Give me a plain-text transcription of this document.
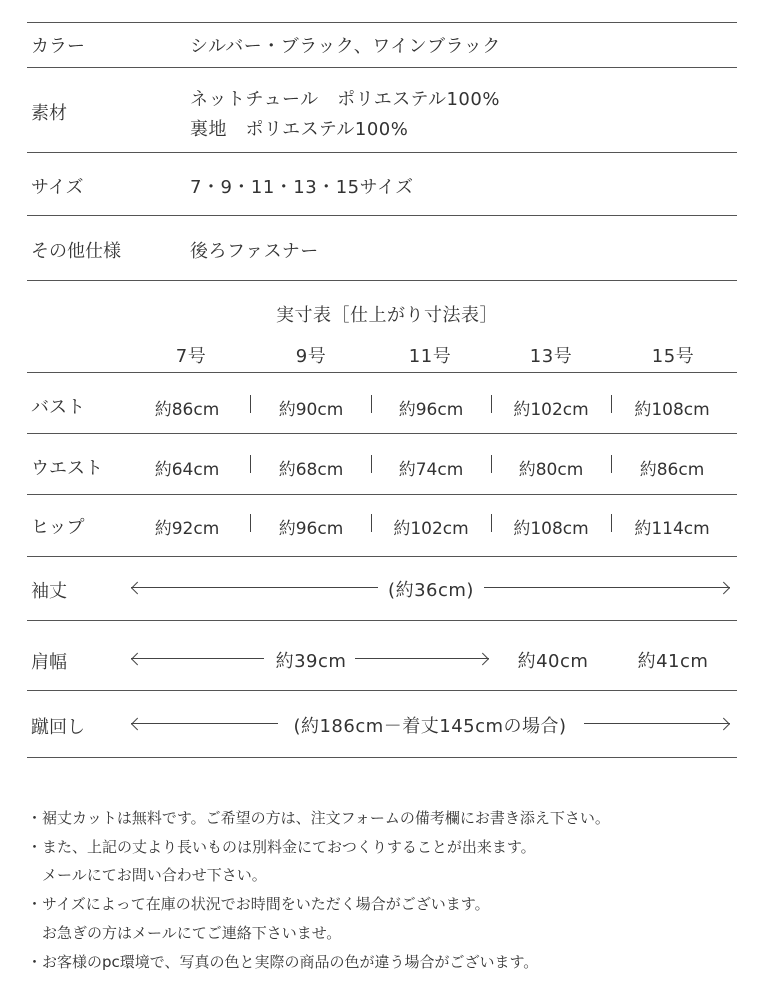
カラー	シルバー・ブラック、ワインブラック
素材
ネットチュール　ポリエステル100%
裏地　ポリエステル100%
サイズ	7・9・11・13・15サイズ
その他仕様	後ろファスナー
実寸表［仕上がり寸法表］
7号	9号	11号	13号	15号
バスト	約86cm	約90cm	約96cm	約102cm	約108cm
ウエスト	約64cm	約68cm	約74cm	約80cm	約86cm
ヒップ	約92cm	約96cm	約102cm	約108cm	約114cm
袖丈	(約36cm)
肩幅	約39cm	約40cm	約41cm
蹴回し	(約186cm－着丈145cmの場合)
・裾丈カットは無料です。ご希望の方は、注文フォームの備考欄にお書き添え下さい。
・また、上記の丈より長いものは別料金にておつくりすることが出来ます。
　メールにてお問い合わせ下さい。
・サイズによって在庫の状況でお時間をいただく場合がございます。
　お急ぎの方はメールにてご連絡下さいませ。
・お客様のpc環境で、写真の色と実際の商品の色が違う場合がございます。
